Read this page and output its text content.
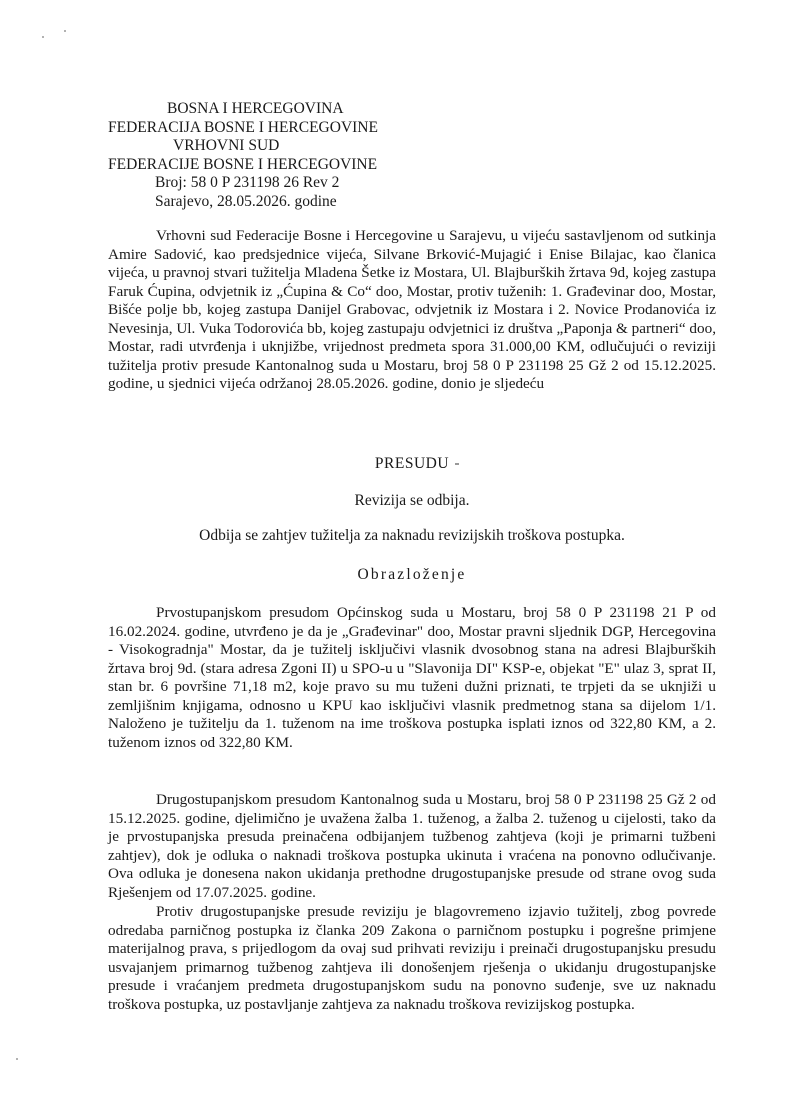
BOSNA I HERCEGOVINA
FEDERACIJA BOSNE I HERCEGOVINE
VRHOVNI SUD
FEDERACIJE BOSNE I HERCEGOVINE
Broj: 58 0 P 231198 26 Rev 2
Sarajevo, 28.05.2026. godine

Vrhovni sud Federacije Bosne i Hercegovine u Sarajevu, u vijeću sastavljenom od sutkinja Amire Sadović, kao predsjednice vijeća, Silvane Brković-Mujagić i Enise Bilajac, kao članica vijeća, u pravnoj stvari tužitelja Mladena Šetke iz Mostara, Ul. Blajburških žrtava 9d, kojeg zastupa Faruk Ćupina, odvjetnik iz „Ćupina & Co“ doo, Mostar, protiv tuženih: 1. Građevinar doo, Mostar, Bišće polje bb, kojeg zastupa Danijel Grabovac, odvjetnik iz Mostara i 2. Novice Prodanovića iz Nevesinja, Ul. Vuka Todorovića bb, kojeg zastupaju odvjetnici iz društva „Paponja & partneri“ doo, Mostar, radi utvrđenja i uknjižbe, vrijednost predmeta spora 31.000,00 KM, odlučujući o reviziji tužitelja protiv presude Kantonalnog suda u Mostaru, broj 58 0 P 231198 25 Gž 2 od 15.12.2025. godine, u sjednici vijeća održanoj 28.05.2026. godine, donio je sljedeću

PRESUDU

Revizija se odbija.

Odbija se zahtjev tužitelja za naknadu revizijskih troškova postupka.

Obrazloženje

Prvostupanjskom presudom Općinskog suda u Mostaru, broj 58 0 P 231198 21 P od 16.02.2024. godine, utvrđeno je da je „Građevinar" doo, Mostar pravni sljednik DGP, Hercegovina - Visokogradnja" Mostar, da je tužitelj isključivi vlasnik dvosobnog stana na adresi Blajburških žrtava broj 9d. (stara adresa Zgoni II) u SPO-u u "Slavonija DI" KSP-e, objekat "E" ulaz 3, sprat II, stan br. 6 površine 71,18 m2, koje pravo su mu tuženi dužni priznati, te trpjeti da se uknjiži u zemljišnim knjigama, odnosno u KPU kao isključivi vlasnik predmetnog stana sa dijelom 1/1. Naloženo je tužitelju da 1. tuženom na ime troškova postupka isplati iznos od 322,80 KM, a 2. tuženom iznos od 322,80 KM.

Drugostupanjskom presudom Kantonalnog suda u Mostaru, broj 58 0 P 231198 25 Gž 2 od 15.12.2025. godine, djelimično je uvažena žalba 1. tuženog, a žalba 2. tuženog u cijelosti, tako da je prvostupanjska presuda preinačena odbijanjem tužbenog zahtjeva (koji je primarni tužbeni zahtjev), dok je odluka o naknadi troškova postupka ukinuta i vraćena na ponovno odlučivanje. Ova odluka je donesena nakon ukidanja prethodne drugostupanjske presude od strane ovog suda Rješenjem od 17.07.2025. godine.

Protiv drugostupanjske presude reviziju je blagovremeno izjavio tužitelj, zbog povrede odredaba parničnog postupka iz članka 209 Zakona o parničnom postupku i pogrešne primjene materijalnog prava, s prijedlogom da ovaj sud prihvati reviziju i preinači drugostupanjsku presudu usvajanjem primarnog tužbenog zahtjeva ili donošenjem rješenja o ukidanju drugostupanjske presude i vraćanjem predmeta drugostupanjskom sudu na ponovno suđenje, sve uz naknadu troškova postupka, uz postavljanje zahtjeva za naknadu troškova revizijskog postupka.
